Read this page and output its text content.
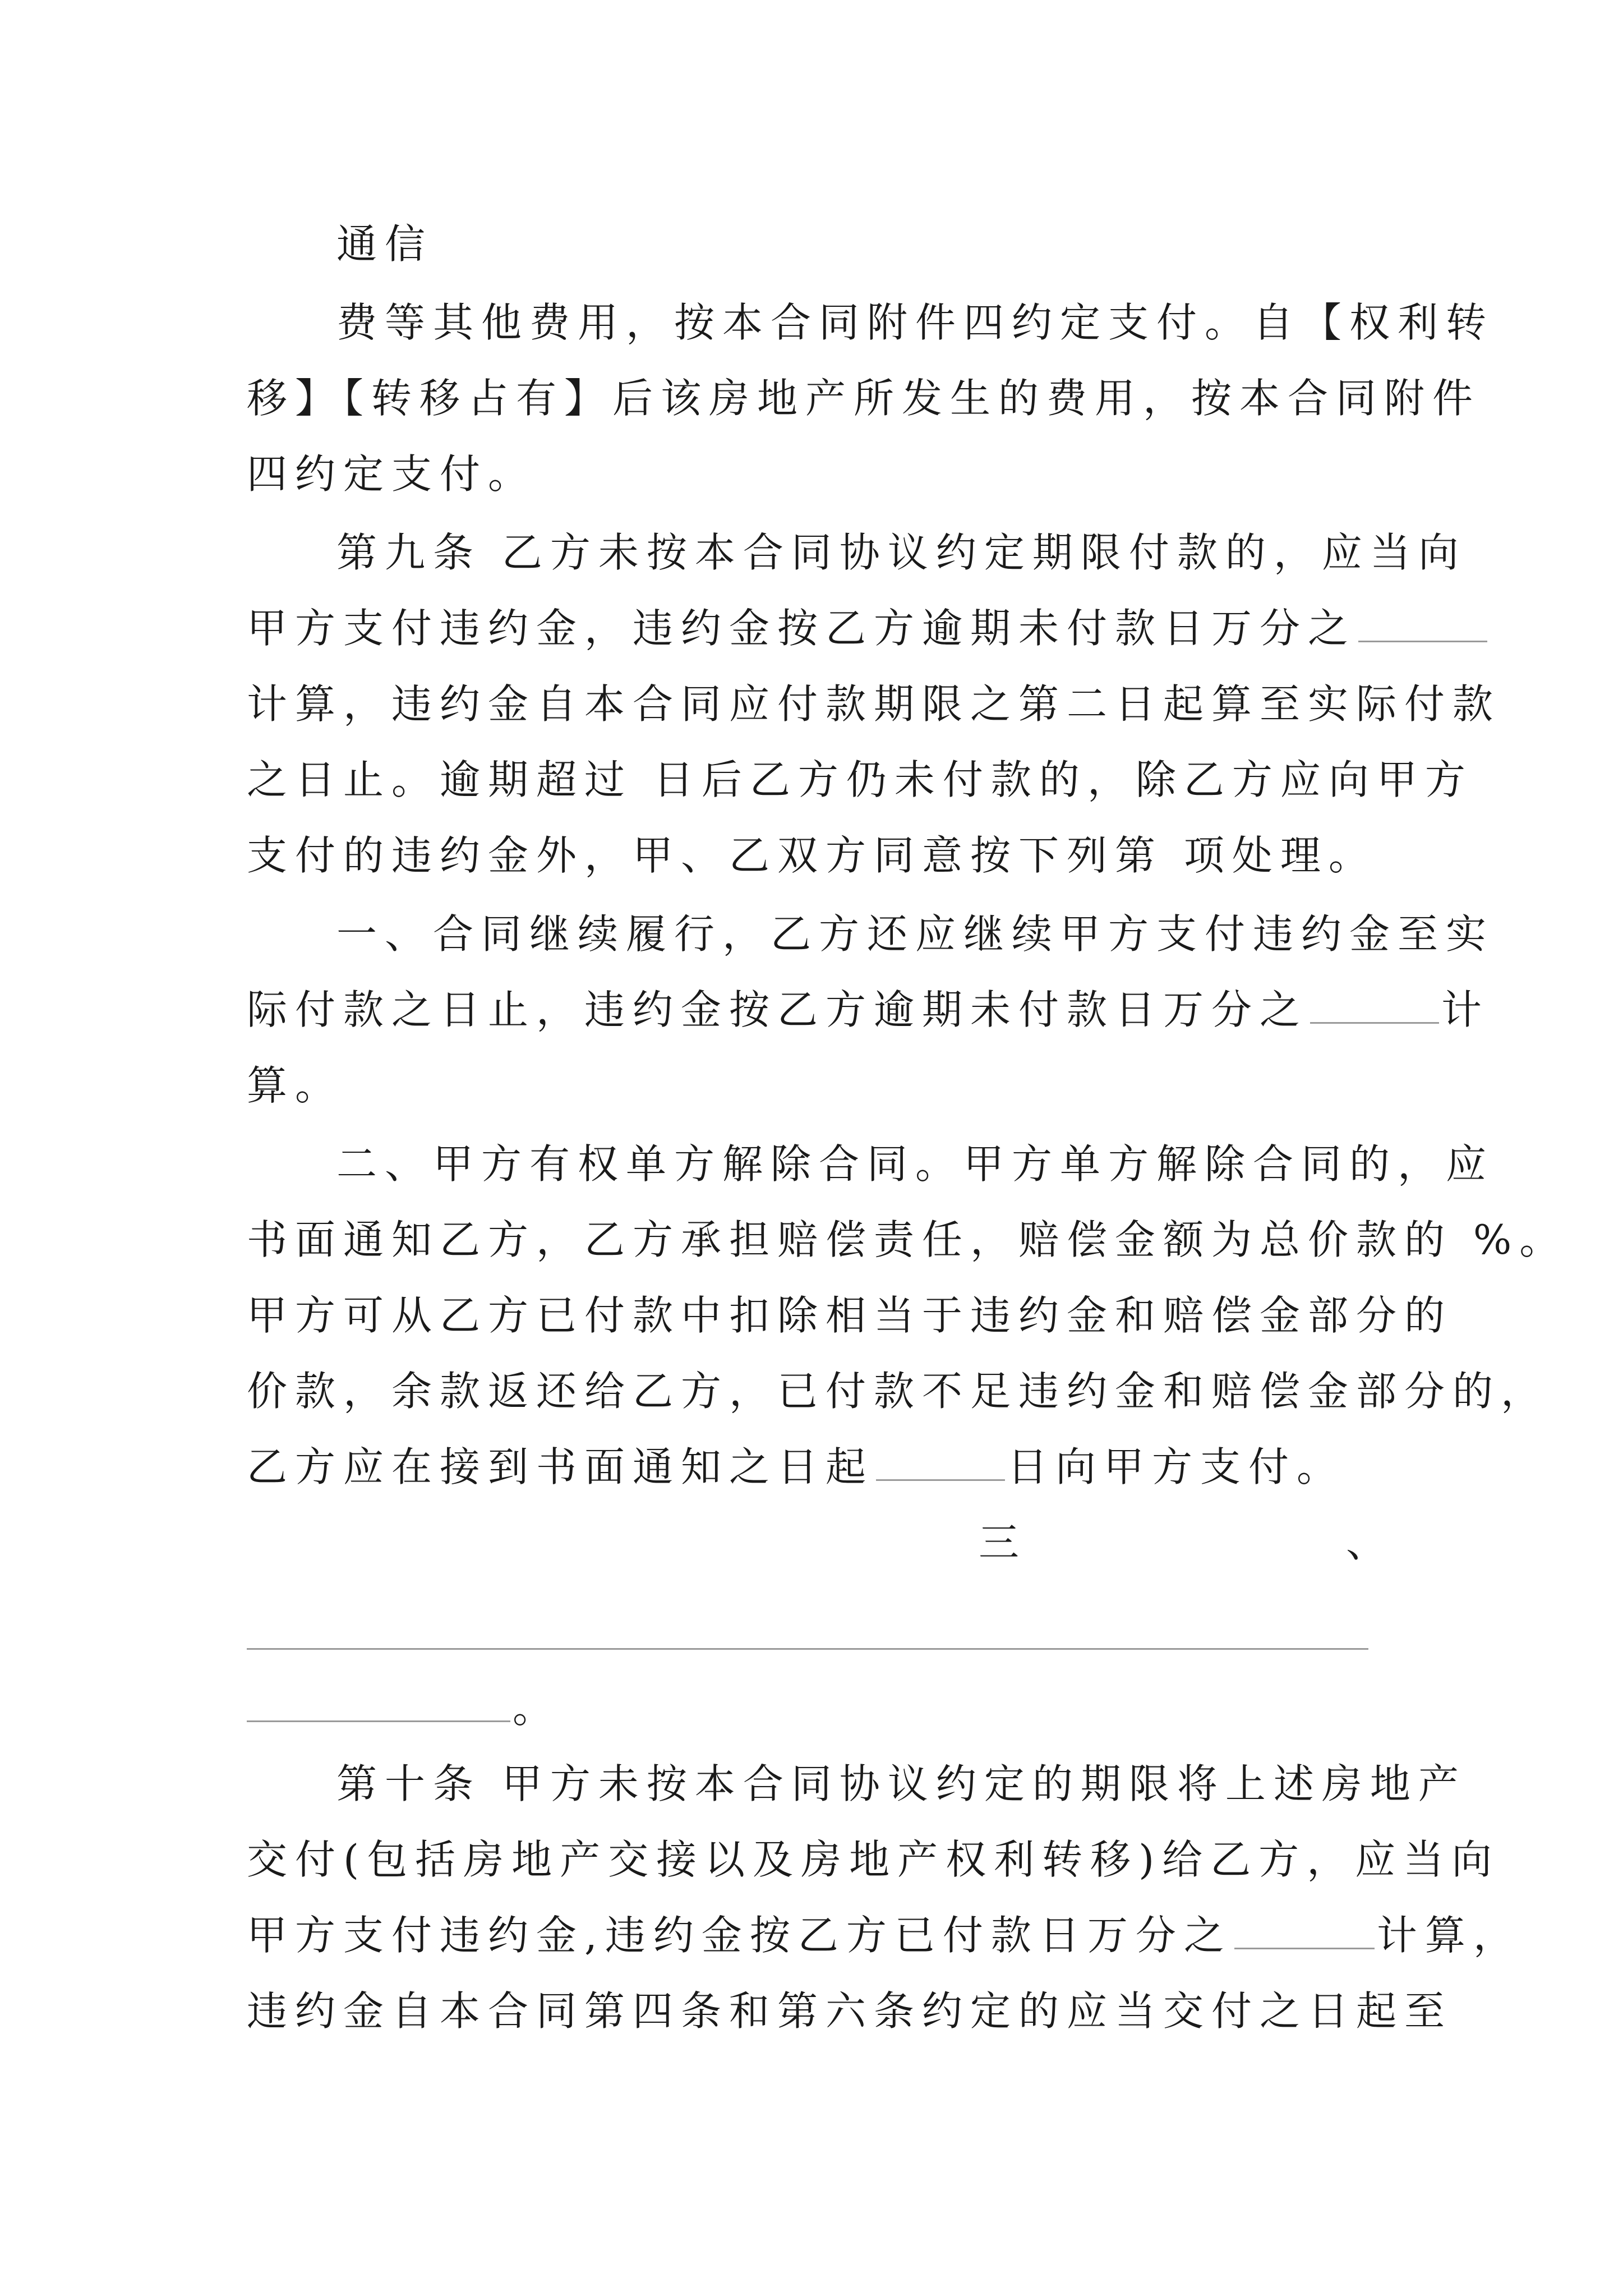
通信
费等其他费用，按本合同附件四约定支付。自【权利转
移】【转移占有】后该房地产所发生的费用，按本合同附件
四约定支付。
第九条 乙方未按本合同协议约定期限付款的，应当向
甲方支付违约金，违约金按乙方逾期未付款日万分之
计算，违约金自本合同应付款期限之第二日起算至实际付款
之日止。逾期超过 日后乙方仍未付款的，除乙方应向甲方
支付的违约金外，甲、乙双方同意按下列第 项处理。
一、合同继续履行，乙方还应继续甲方支付违约金至实
际付款之日止，违约金按乙方逾期未付款日万分之	计
算。
二、甲方有权单方解除合同。甲方单方解除合同的，应
书面通知乙方，乙方承担赔偿责任，赔偿金额为总价款的 %。
甲方可从乙方已付款中扣除相当于违约金和赔偿金部分的
价款，余款返还给乙方，已付款不足违约金和赔偿金部分的，
乙方应在接到书面通知之日起	日向甲方支付。
三	、
。
第十条 甲方未按本合同协议约定的期限将上述房地产
交付(包括房地产交接以及房地产权利转移)给乙方，应当向
甲方支付违约金,违约金按乙方已付款日万分之	计算，
违约金自本合同第四条和第六条约定的应当交付之日起至
